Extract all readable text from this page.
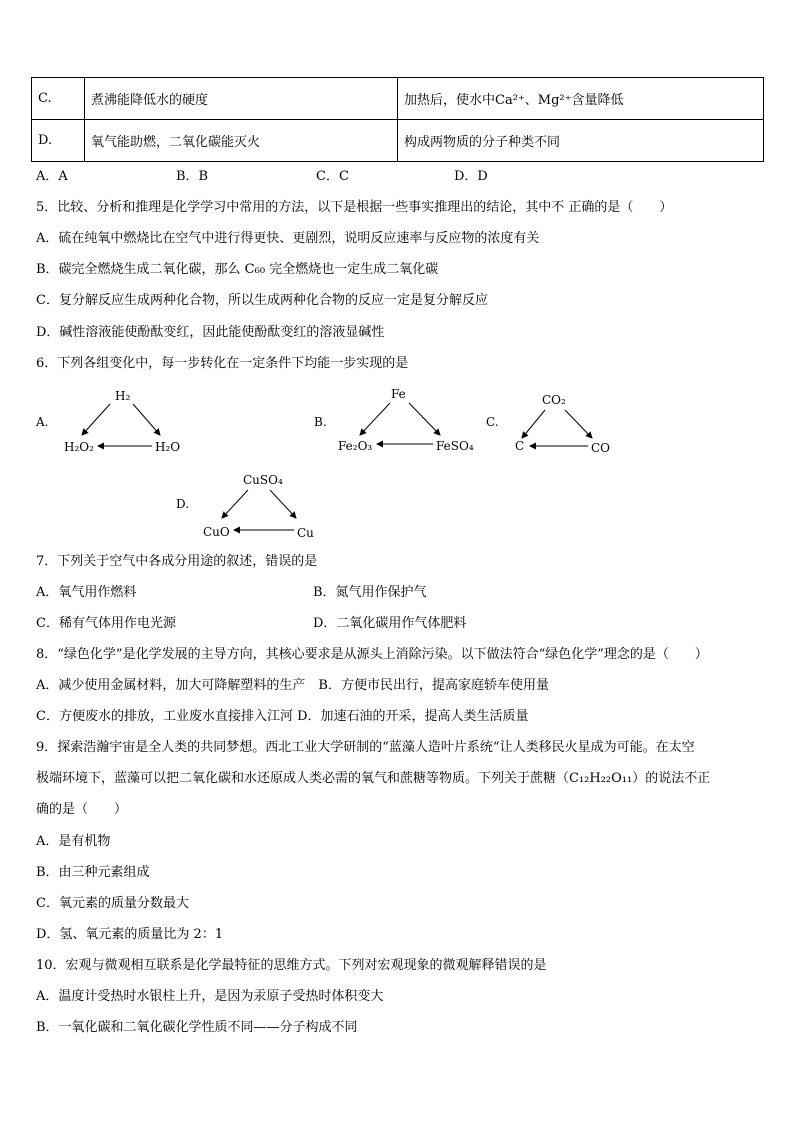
C.	煮沸能降低水的硬度	加热后，使水中Ca²⁺、Mg²⁺含量降低
D.	氧气能助燃，二氧化碳能灭火	构成两物质的分子种类不同
A．A	B．B	C．C	D．D
5．比较、分析和推理是化学学习中常用的方法，以下是根据一些事实推理出的结论，其中不 正确的是（　　）
A．硫在纯氧中燃烧比在空气中进行得更快、更剧烈，说明反应速率与反应物的浓度有关
B．碳完全燃烧生成二氧化碳，那么 C₆₀ 完全燃烧也一定生成二氧化碳
C．复分解反应生成两种化合物，所以生成两种化合物的反应一定是复分解反应
D．碱性溶液能使酚酞变红，因此能使酚酞变红的溶液显碱性
6．下列各组变化中，每一步转化在一定条件下均能一步实现的是
A.
H₂
H₂O₂	H₂O
B.
Fe
Fe₂O₃	FeSO₄
C.
CO₂
C	CO
D.
CuSO₄
CuO	Cu
7．下列关于空气中各成分用途的叙述，错误的是
A．氧气用作燃料	B．氮气用作保护气
C．稀有气体用作电光源	D．二氧化碳用作气体肥料
8．“绿色化学”是化学发展的主导方向，其核心要求是从源头上消除污染。以下做法符合“绿色化学”理念的是（　　）
A．减少使用金属材料，加大可降解塑料的生产　B．方便市民出行，提高家庭轿车使用量
C．方便废水的排放，工业废水直接排入江河 D．加速石油的开采，提高人类生活质量
9．探索浩瀚宇宙是全人类的共同梦想。西北工业大学研制的“蓝藻人造叶片系统“让人类移民火星成为可能。在太空
极端环境下，蓝藻可以把二氧化碳和水还原成人类必需的氧气和蔗糖等物质。下列关于蔗糖（C₁₂H₂₂O₁₁）的说法不正
确的是（　　）
A．是有机物
B．由三种元素组成
C．氧元素的质量分数最大
D．氢、氧元素的质量比为 2：1
10．宏观与微观相互联系是化学最特征的思维方式。下列对宏观现象的微观解释错误的是
A．温度计受热时水银柱上升，是因为汞原子受热时体积变大
B．一氧化碳和二氧化碳化学性质不同——分子构成不同
